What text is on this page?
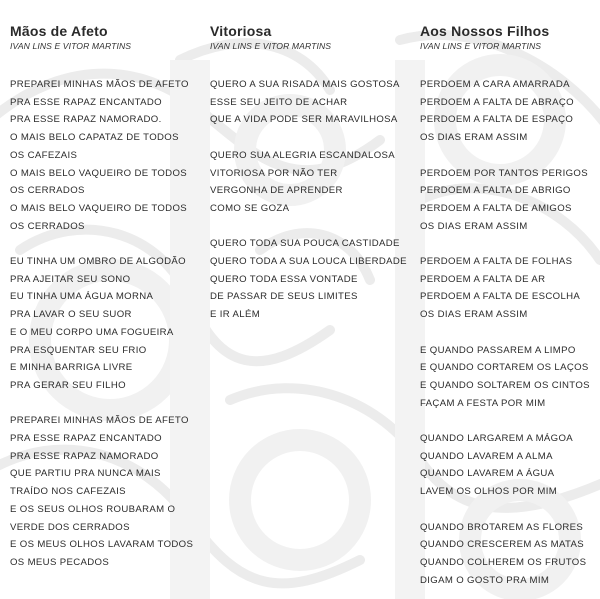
Mãos de Afeto

IVAN LINS E VITOR MARTINS

PREPAREI MINHAS MÃOS DE AFETO
PRA ESSE RAPAZ ENCANTADO
PRA ESSE RAPAZ NAMORADO.
O MAIS BELO CAPATAZ DE TODOS
OS CAFEZAIS
O MAIS BELO VAQUEIRO DE TODOS
OS CERRADOS
O MAIS BELO VAQUEIRO DE TODOS
OS CERRADOS
EU TINHA UM OMBRO DE ALGODÃO
PRA AJEITAR SEU SONO
EU TINHA UMA ÁGUA MORNA
PRA LAVAR O SEU SUOR
E O MEU CORPO UMA FOGUEIRA
PRA ESQUENTAR SEU FRIO
E MINHA BARRIGA LIVRE
PRA GERAR SEU FILHO
PREPAREI MINHAS MÃOS DE AFETO
PRA ESSE RAPAZ ENCANTADO
PRA ESSE RAPAZ NAMORADO
QUE PARTIU PRA NUNCA MAIS
TRAÍDO NOS CAFEZAIS
E OS SEUS OLHOS ROUBARAM O
VERDE DOS CERRADOS
E OS MEUS OLHOS LAVARAM TODOS
OS MEUS PECADOS
Vitoriosa

IVAN LINS E VITOR MARTINS

QUERO A SUA RISADA MAIS GOSTOSA
ESSE SEU JEITO DE ACHAR
QUE A VIDA PODE SER MARAVILHOSA
QUERO SUA ALEGRIA ESCANDALOSA
VITORIOSA POR NÃO TER
VERGONHA DE APRENDER
COMO SE GOZA
QUERO TODA SUA POUCA CASTIDADE
QUERO TODA A SUA LOUCA LIBERDADE
QUERO TODA ESSA VONTADE
DE PASSAR DE SEUS LIMITES
E IR ALÉM
Aos Nossos Filhos

IVAN LINS E VITOR MARTINS

PERDOEM A CARA AMARRADA
PERDOEM A FALTA DE ABRAÇO
PERDOEM A FALTA DE ESPAÇO
OS DIAS ERAM ASSIM
PERDOEM POR TANTOS PERIGOS
PERDOEM A FALTA DE ABRIGO
PERDOEM A FALTA DE AMIGOS
OS DIAS ERAM ASSIM
PERDOEM A FALTA DE FOLHAS
PERDOEM A FALTA DE AR
PERDOEM A FALTA DE ESCOLHA
OS DIAS ERAM ASSIM
E QUANDO PASSAREM A LIMPO
E QUANDO CORTAREM OS LAÇOS
E QUANDO SOLTAREM OS CINTOS
FAÇAM A FESTA POR MIM
QUANDO LARGAREM A MÁGOA
QUANDO LAVAREM A ALMA
QUANDO LAVAREM A ÁGUA
LAVEM OS OLHOS POR MIM
QUANDO BROTAREM AS FLORES
QUANDO CRESCEREM AS MATAS
QUANDO COLHEREM OS FRUTOS
DIGAM O GOSTO PRA MIM
